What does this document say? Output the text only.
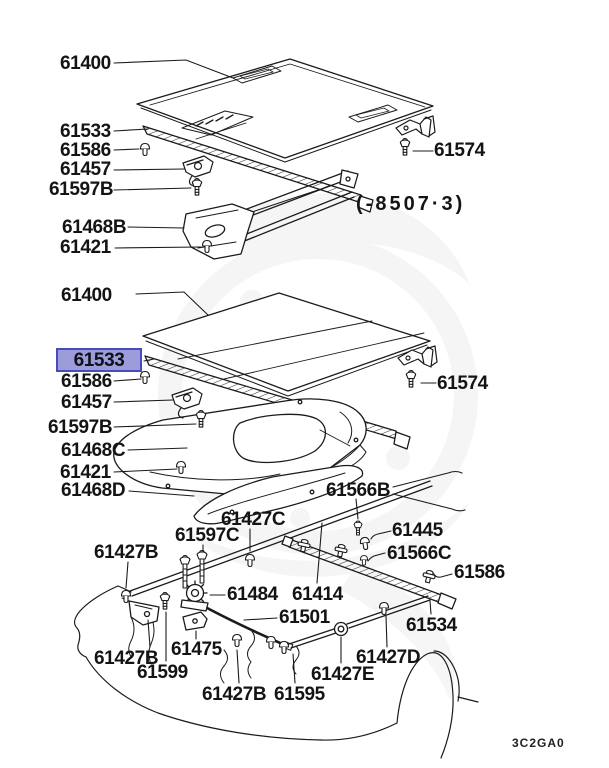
61400
61533
61586
61457
61597B
61468B
61421
61574
(-8507·3)
61400
61533
61586
61457
61597B
61468C
61421
61468D
61574
61566B
61427C
61597C
61427B
61445
61566C
61586
61484 61414
61501	61534
61427B 61475
61599
61427B 61595
61427E
61427D
3C2GA0
